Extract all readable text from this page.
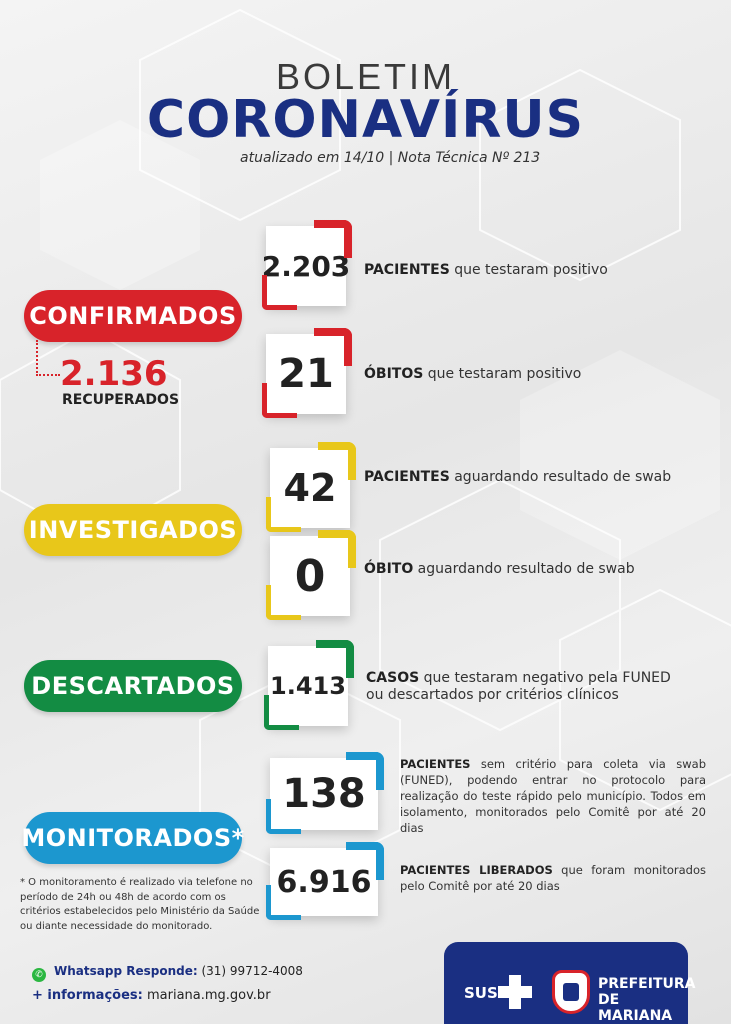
BOLETIM
CORONAVÍRUS
atualizado em 14/10 | Nota Técnica Nº 213
CONFIRMADOS
2.136
RECUPERADOS
2.203 PACIENTES que testaram positivo
21	ÓBITOS que testaram positivo
INVESTIGADOS
42	PACIENTES aguardando resultado de swab
0	ÓBITO aguardando resultado de swab
DESCARTADOS	1.413 CASOS que testaram negativo pela FUNED
ou descartados por critérios clínicos
MONITORADOS*
138
PACIENTES sem critério para coleta via swab (FUNED), podendo entrar no protocolo para realização do teste rápido pelo município. Todos em isolamento, monitorados pelo Comitê por até 20 dias
6.916	PACIENTES LIBERADOS que foram monitorados pelo Comitê por até 20 dias
* O monitoramento é realizado via telefone no período de 24h ou 48h de acordo com os critérios estabelecidos pelo Ministério da Saúde ou diante necessidade do monitorado.
✆ Whatsapp Responde: (31) 99712-4008
+ informações: mariana.mg.gov.br	SUS	PREFEITURA DE MARIANA
